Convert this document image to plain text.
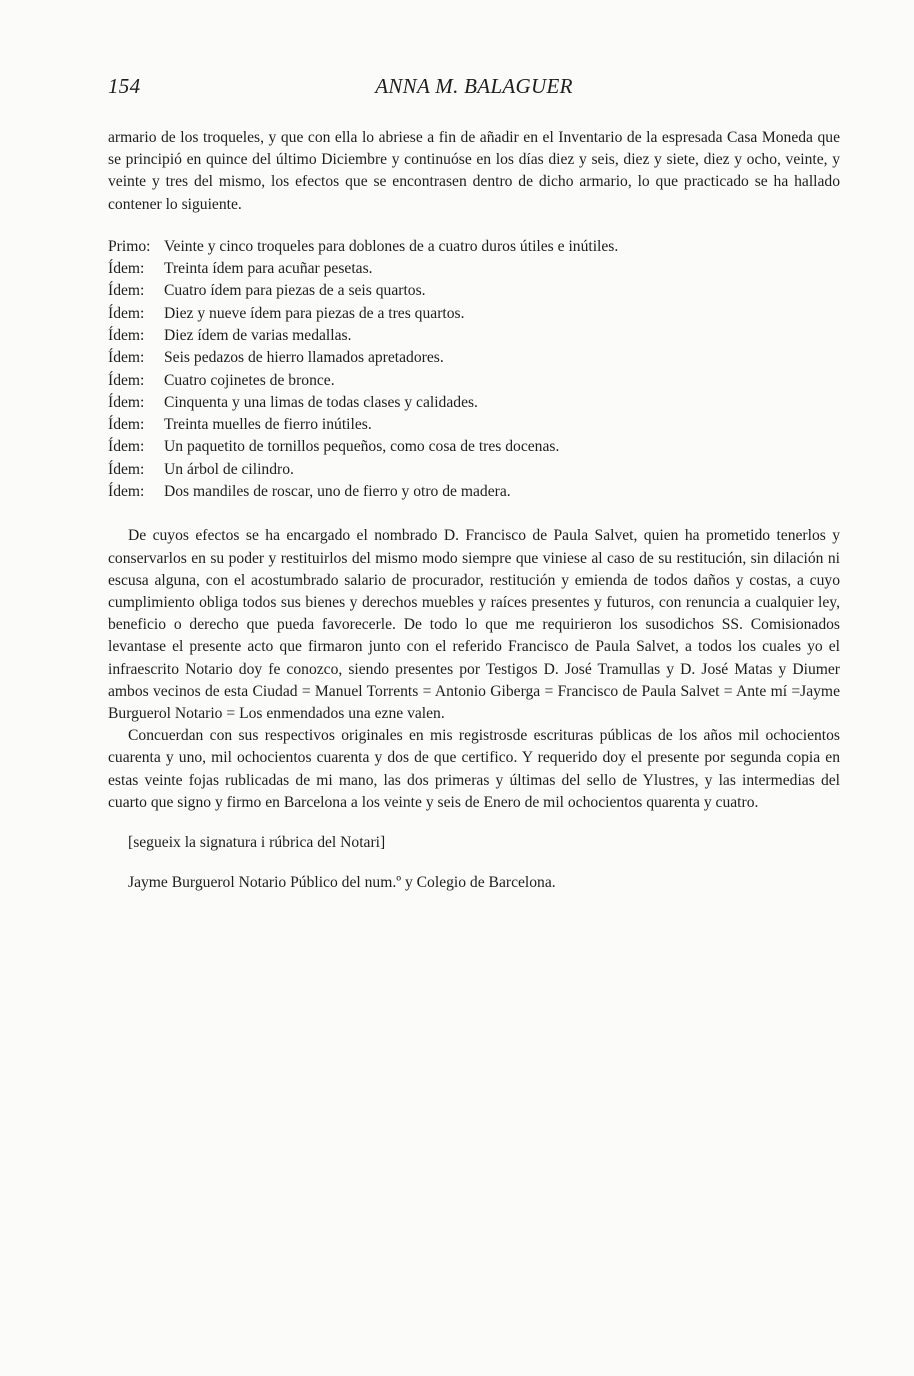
154	ANNA M. BALAGUER

armario de los troqueles, y que con ella lo abriese a fin de añadir en el Inventario de la espresada Casa Moneda que se principió en quince del último Diciembre y continuóse en los días diez y seis, diez y siete, diez y ocho, veinte, y veinte y tres del mismo, los efectos que se encontrasen dentro de dicho armario, lo que practicado se ha hallado contener lo siguiente.

Primo: Veinte y cinco troqueles para doblones de a cuatro duros útiles e inútiles.
Ídem:	Treinta ídem para acuñar pesetas.
Ídem:	Cuatro ídem para piezas de a seis quartos.
Ídem:	Diez y nueve ídem para piezas de a tres quartos.
Ídem:	Diez ídem de varias medallas.
Ídem:	Seis pedazos de hierro llamados apretadores.
Ídem:	Cuatro cojinetes de bronce.
Ídem:	Cinquenta y una limas de todas clases y calidades.
Ídem:	Treinta muelles de fierro inútiles.
Ídem:	Un paquetito de tornillos pequeños, como cosa de tres docenas.
Ídem:	Un árbol de cilindro.
Ídem:	Dos mandiles de roscar, uno de fierro y otro de madera.

De cuyos efectos se ha encargado el nombrado D. Francisco de Paula Salvet, quien ha prometido tenerlos y conservarlos en su poder y restituirlos del mismo modo siempre que viniese al caso de su restitución, sin dilación ni escusa alguna, con el acostumbrado salario de procurador, restitución y emienda de todos daños y costas, a cuyo cumplimiento obliga todos sus bienes y derechos muebles y raíces presentes y futuros, con renuncia a cualquier ley, beneficio o derecho que pueda favorecerle. De todo lo que me requirieron los susodichos SS. Comisionados levantase el presente acto que firmaron junto con el referido Francisco de Paula Salvet, a todos los cuales yo el infraescrito Notario doy fe conozco, siendo presentes por Testigos D. José Tramullas y D. José Matas y Diumer ambos vecinos de esta Ciudad = Manuel Torrents = Antonio Giberga = Francisco de Paula Salvet = Ante mí =Jayme Burguerol Notario = Los enmendados una ezne valen.

Concuerdan con sus respectivos originales en mis registrosde escrituras públicas de los años mil ochocientos cuarenta y uno, mil ochocientos cuarenta y dos de que certifico. Y requerido doy el presente por segunda copia en estas veinte fojas rublicadas de mi mano, las dos primeras y últimas del sello de Ylustres, y las intermedias del cuarto que signo y firmo en Barcelona a los veinte y seis de Enero de mil ochocientos quarenta y cuatro.

[segueix la signatura i rúbrica del Notari]

Jayme Burguerol Notario Público del num.º y Colegio de Barcelona.
